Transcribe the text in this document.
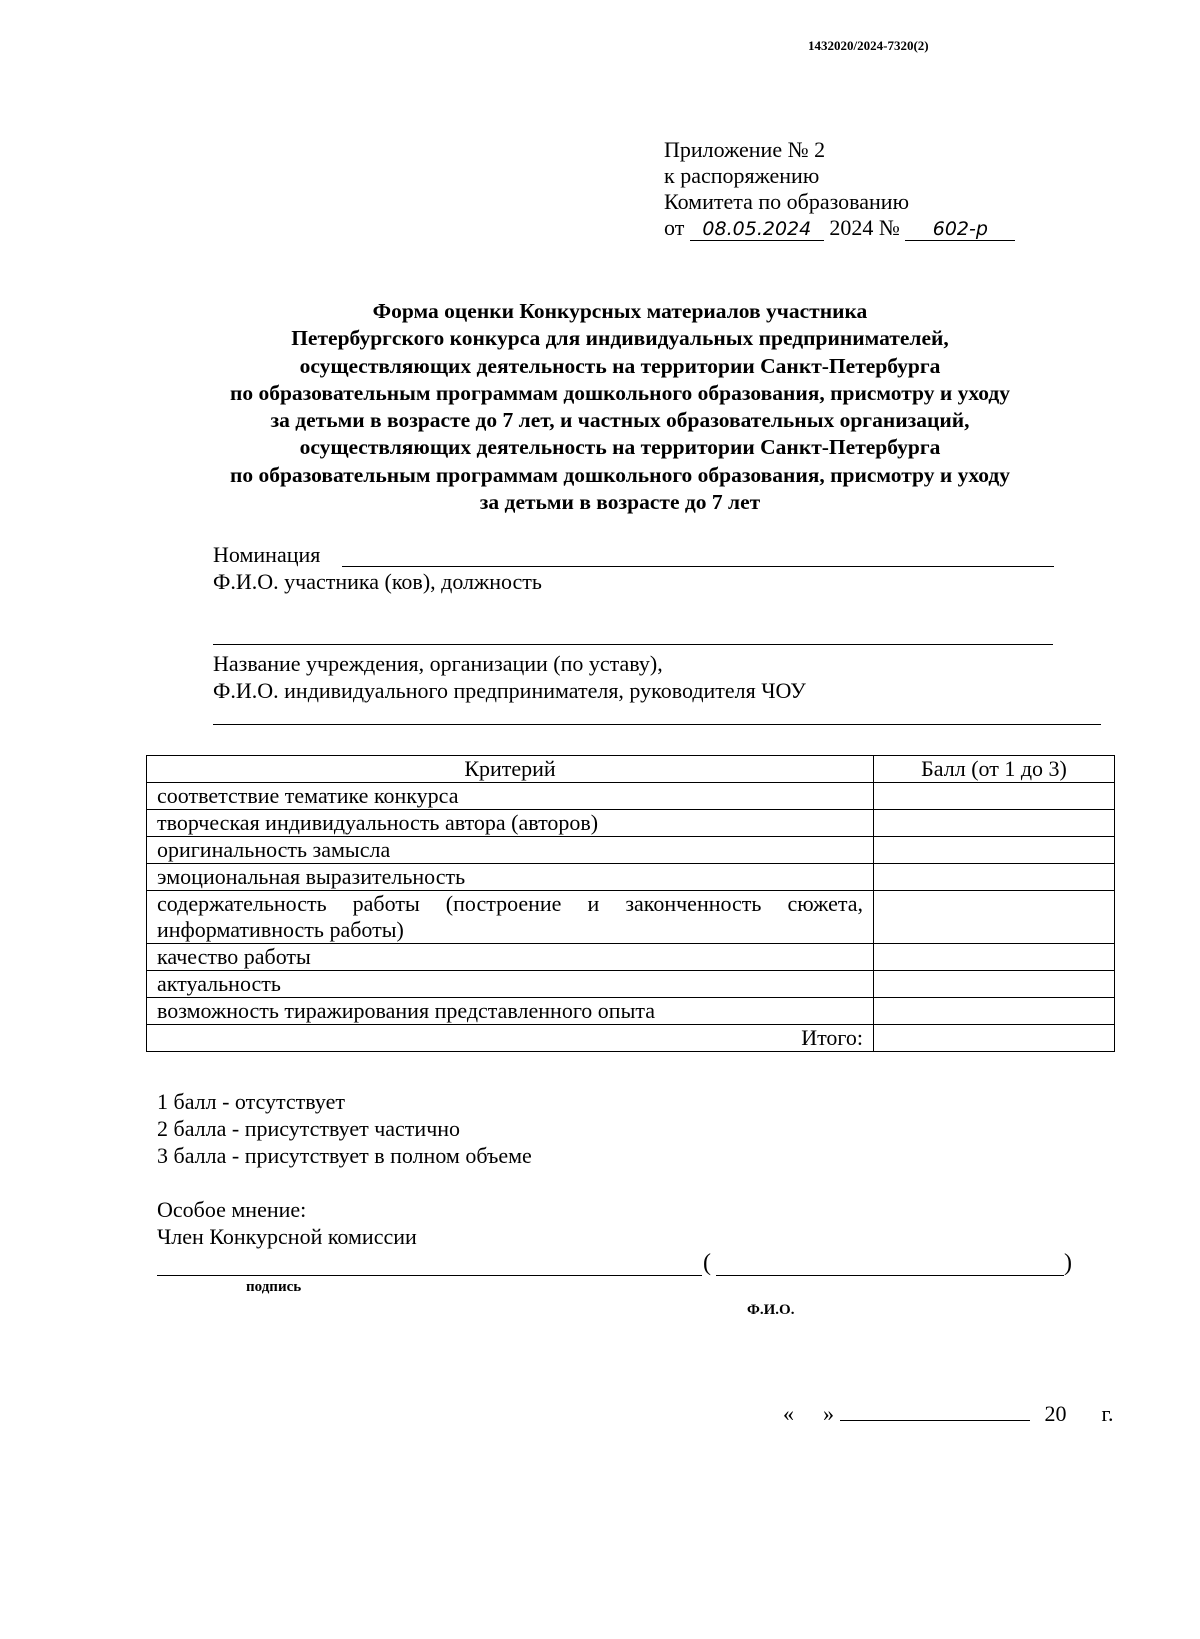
1432020/2024-7320(2)
Приложение № 2
к распоряжению
Комитета по образованию
от 08.05.2024 2024 № 602-р
Форма оценки Конкурсных материалов участника
Петербургского конкурса для индивидуальных предпринимателей,
осуществляющих деятельность на территории Санкт-Петербурга
по образовательным программам дошкольного образования, присмотру и уходу
за детьми в возрасте до 7 лет, и частных образовательных организаций,
осуществляющих деятельность на территории Санкт-Петербурга
по образовательным программам дошкольного образования, присмотру и уходу
за детьми в возрасте до 7 лет
Номинация
Ф.И.О. участника (ков), должность
Название учреждения, организации (по уставу),
Ф.И.О. индивидуального предпринимателя, руководителя ЧОУ
Критерий	Балл (от 1 до 3)
соответствие тематике конкурса	
творческая индивидуальность автора (авторов)	
оригинальность замысла	
эмоциональная выразительность	
содержательность работы (построение и законченность сюжета, информативность работы)	
качество работы	
актуальность	
возможность тиражирования представленного опыта	
Итого:	
1 балл - отсутствует
2 балла - присутствует частично
3 балла - присутствует в полном объеме
Особое мнение:
Член Конкурсной комиссии
(	)
подпись
Ф.И.О.
« »	20 г.
